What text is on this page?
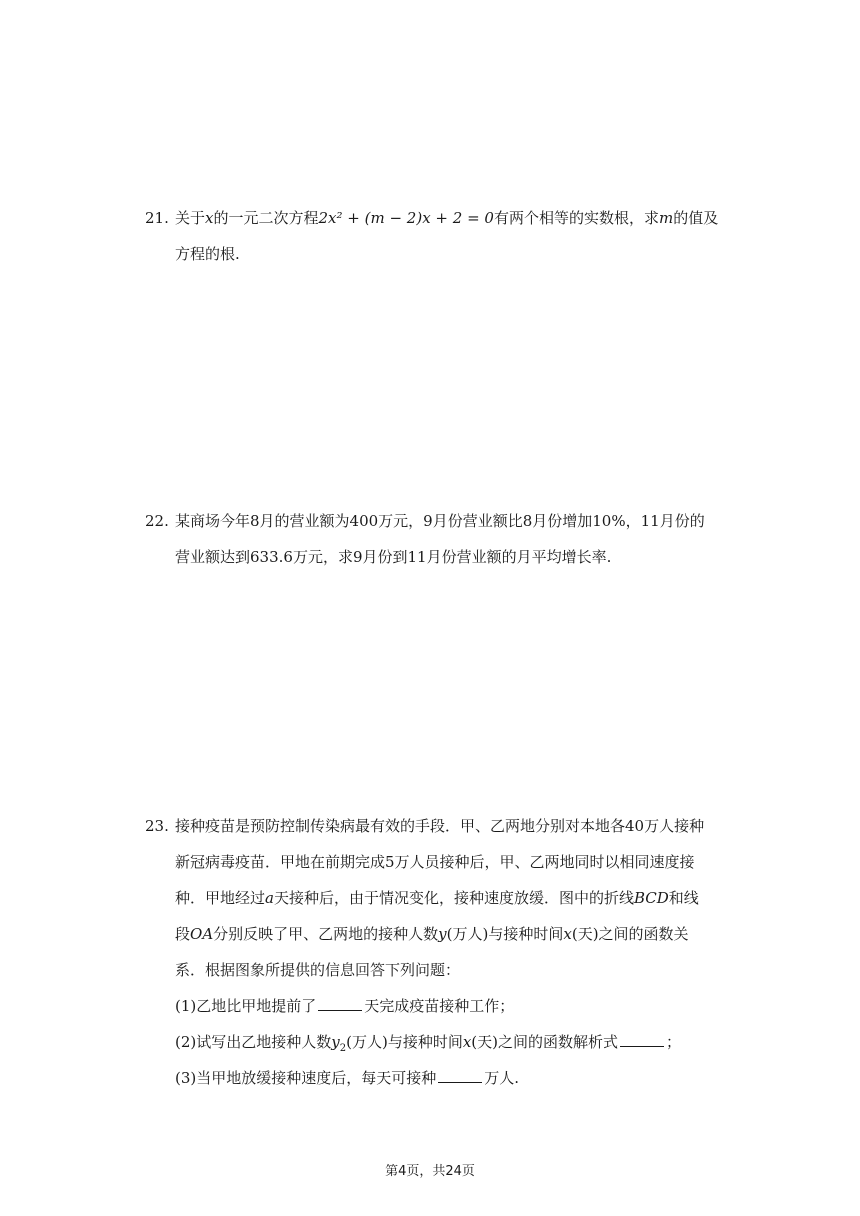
21. 关于x的一元二次方程2x² + (m − 2)x + 2 = 0有两个相等的实数根，求m的值及
方程的根.
22. 某商场今年8月的营业额为400万元，9月份营业额比8月份增加10%，11月份的
营业额达到633.6万元，求9月份到11月份营业额的月平均增长率.
23. 接种疫苗是预防控制传染病最有效的手段．甲、乙两地分别对本地各40万人接种
新冠病毒疫苗．甲地在前期完成5万人员接种后，甲、乙两地同时以相同速度接
种．甲地经过a天接种后，由于情况变化，接种速度放缓．图中的折线BCD和线
段OA分别反映了甲、乙两地的接种人数y(万人)与接种时间x(天)之间的函数关
系．根据图象所提供的信息回答下列问题：
(1)乙地比甲地提前了	天完成疫苗接种工作；
(2)试写出乙地接种人数$y_2$(万人)与接种时间x(天)之间的函数解析式	；
(3)当甲地放缓接种速度后，每天可接种	万人.
第4页，共24页
